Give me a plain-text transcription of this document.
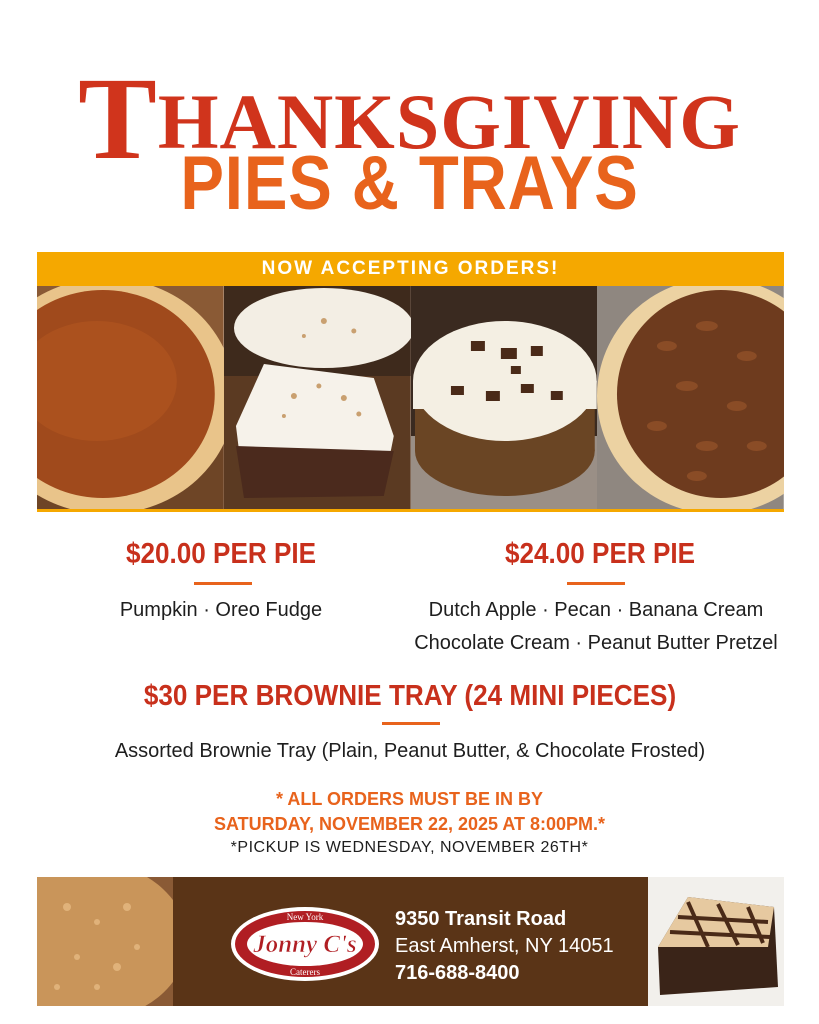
THANKSGIVING
PIES & TRAYS
NOW ACCEPTING ORDERS!
$20.00 PER PIE
Pumpkin · Oreo Fudge
$24.00 PER PIE
Dutch Apple · Pecan · Banana Cream
Chocolate Cream · Peanut Butter Pretzel
$30 PER BROWNIE TRAY (24 MINI PIECES)
Assorted Brownie Tray (Plain, Peanut Butter, & Chocolate Frosted)
* ALL ORDERS MUST BE IN BY
SATURDAY, NOVEMBER 22, 2025 AT 8:00PM.*
*PICKUP IS WEDNESDAY, NOVEMBER 26TH*
New York
Jonny C's
Caterers
9350 Transit Road
East Amherst, NY 14051
716-688-8400
